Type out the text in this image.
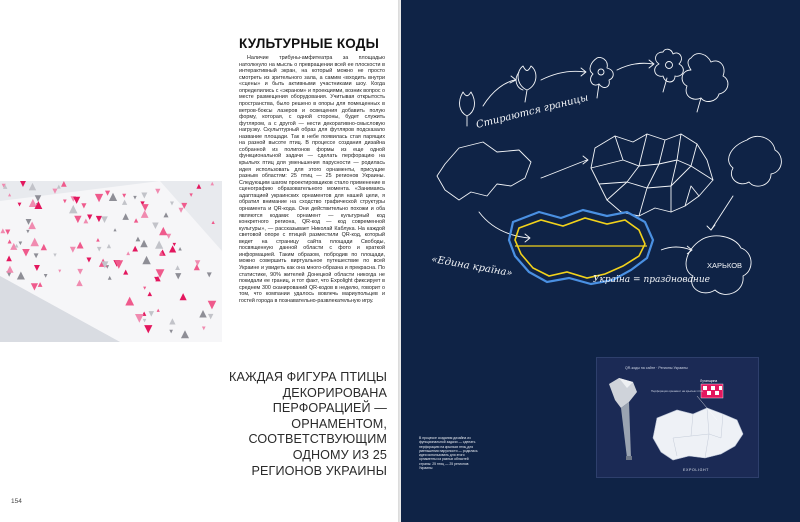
КУЛЬТУРНЫЕ КОДЫ

Наличие трибуны-амфитеатра за площадью натолкнуло на мысль о превращении всей ее плоскости в интерактивный экран, на который можно не просто смотреть из зрительного зала, а самим «входить внутри «сцены» и быть активными участниками шоу. Когда определились с «экраном» и проекциями, возник вопрос о месте размещения оборудования. Учитывая открытость пространства, было решено в опоры для помещенных в ветров-боксы лазеров и освещения добавить полую форму, которая, с одной стороны, будет служить футляром, а с другой — нести декоративно-смысловую нагрузку. Скульптурный образ для футляров подсказало название площади. Так в небе появилась стая парящих на разной высоте птиц. В процессе создания дизайна собранной из полигонов формы из еще одной функциональной задачи — сделать перфорацию на крыльях птиц для уменьшения парусности — родилась идея использовать для этого орнаменты, присущие разным областям: 25 птиц — 25 регионов Украины. Следующим шагом проектировщиков стало применение в сценографию образовательного момента. «Занимаясь адаптацией украинских орнаментов для нашей цели, я обратил внимание на сходство графической структуры орнамента и QR-кода. Они действительно похожи и оба являются кодами: орнамент — культурный код конкретного региона, QR-код — код современной культуры», — рассказывает Николай Каблука. На каждой световой опоре с птицей разместили QR-код, который ведет на страницу сайта площади Свободы, посвященную данной области с фото и краткой информацией. Таким образом, побродив по площади, можно совершить виртуальное путешествие по всей Украине и увидеть как она много-образна и прекрасна. По статистике, 90% жителей Донецкой области никогда не покидали ее границ, и тот факт, что Expolight фиксирует в среднем 300 сканирований QR-кодов в неделю, говорит о том, что компании удалось вовлечь мариупольцев и гостей города в познавательно-развлекательную игру.

КАЖДАЯ ФИГУРА ПТИЦЫ ДЕКОРИРОВАНА ПЕРФОРАЦИЕЙ — ОРНАМЕНТОМ, СООТВЕТСТВУЮЩИМ ОДНОМУ ИЗ 25 РЕГИОНОВ УКРАИНЫ

154
Стираются границы
«Едина країна»
Україна = празднование
ХАРЬКОВ

В процессе создания дизайна из функциональной задачи — сделать перфорацию на крыльях птиц для уменьшения парусности — родилась идея использовать для этого орнаменты из разных областей страны: 25 птиц — 25 регионов Украины

QR-коды на сайте · Регионы Украины
Луганщина
Перфорация орнамент на крыльях птиц
EXPOLIGHT
